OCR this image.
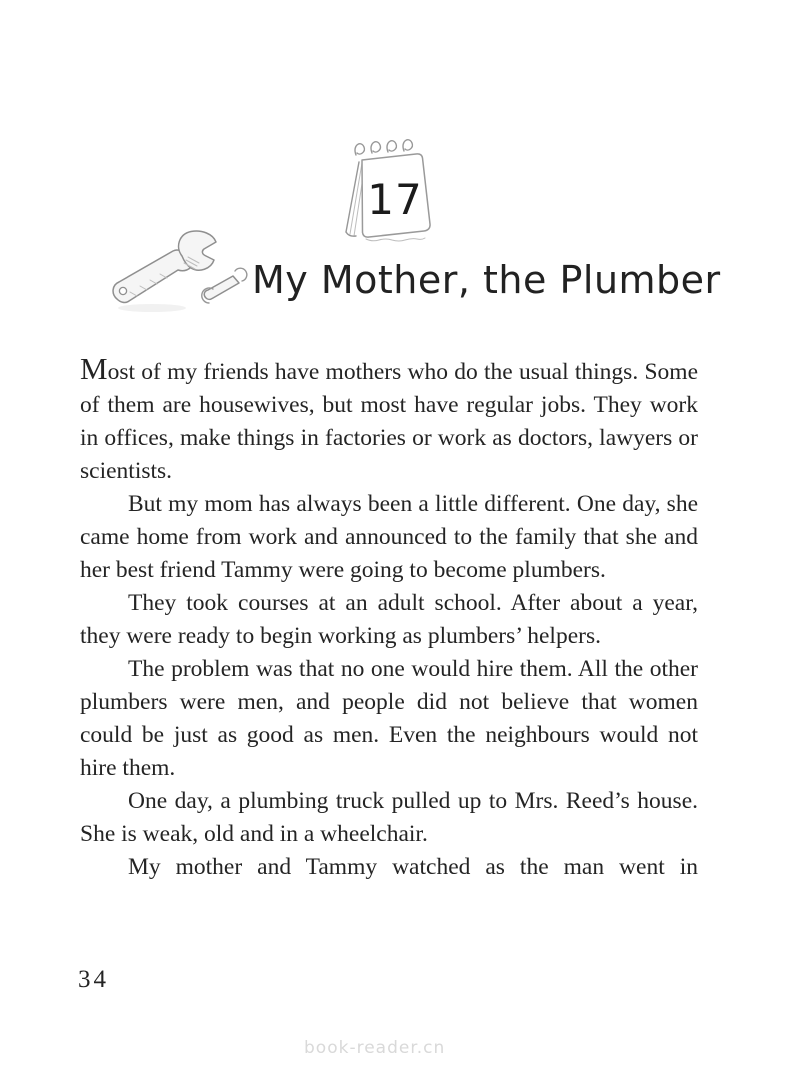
17
My Mother, the Plumber

Most of my friends have mothers who do the usual things. Some of them are housewives, but most have regular jobs. They work in offices, make things in factories or work as doctors, lawyers or scientists.

But my mom has always been a little different. One day, she came home from work and announced to the family that she and her best friend Tammy were going to become plumbers.

They took courses at an adult school. After about a year, they were ready to begin working as plumbers’ helpers.

The problem was that no one would hire them. All the other plumbers were men, and people did not believe that women could be just as good as men. Even the neighbours would not hire them.

One day, a plumbing truck pulled up to Mrs. Reed’s house. She is weak, old and in a wheelchair.

My mother and Tammy watched as the man went in

34
book-reader.cn
